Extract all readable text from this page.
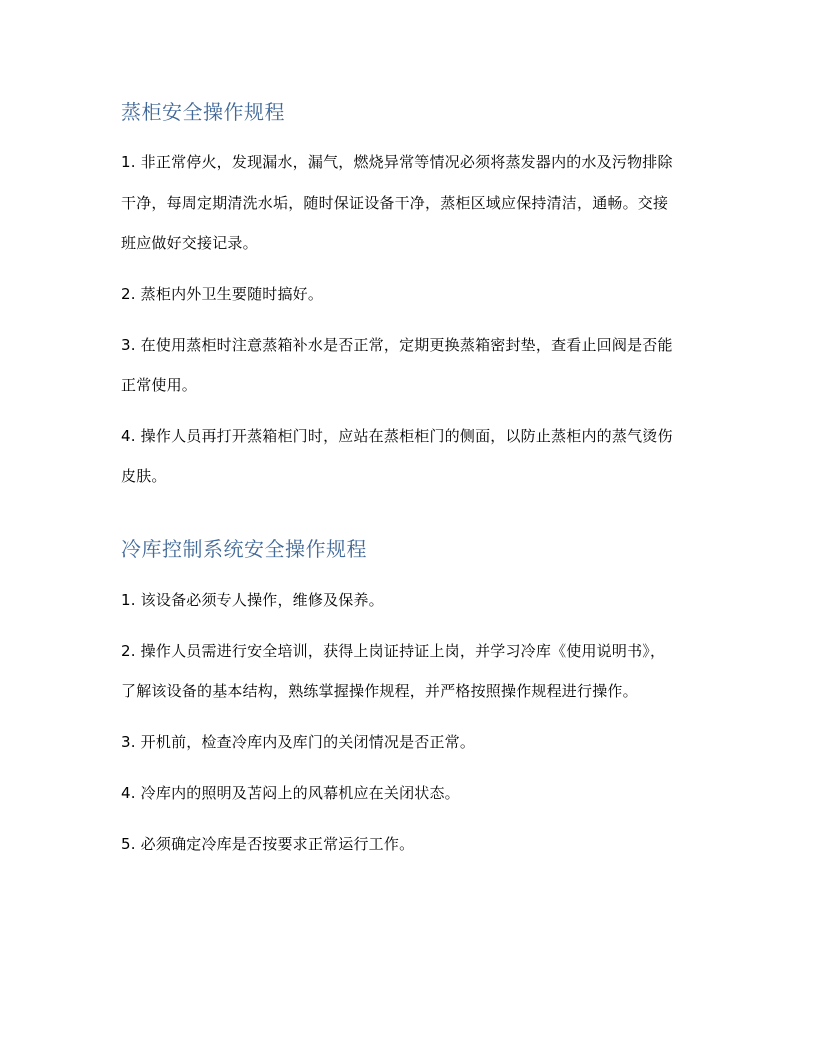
蒸柜安全操作规程
1. 非正常停火，发现漏水，漏气，燃烧异常等情况必须将蒸发器内的水及污物排除
干净，每周定期清洗水垢，随时保证设备干净，蒸柜区域应保持清洁，通畅。交接
班应做好交接记录。
2. 蒸柜内外卫生要随时搞好。
3. 在使用蒸柜时注意蒸箱补水是否正常，定期更换蒸箱密封垫，查看止回阀是否能
正常使用。
4. 操作人员再打开蒸箱柜门时，应站在蒸柜柜门的侧面，以防止蒸柜内的蒸气烫伤
皮肤。
冷库控制系统安全操作规程
1. 该设备必须专人操作，维修及保养。
2. 操作人员需进行安全培训，获得上岗证持证上岗，并学习冷库《使用说明书》，
了解该设备的基本结构，熟练掌握操作规程，并严格按照操作规程进行操作。
3. 开机前，检查冷库内及库门的关闭情况是否正常。
4. 冷库内的照明及苫闷上的风幕机应在关闭状态。
5. 必须确定冷库是否按要求正常运行工作。
